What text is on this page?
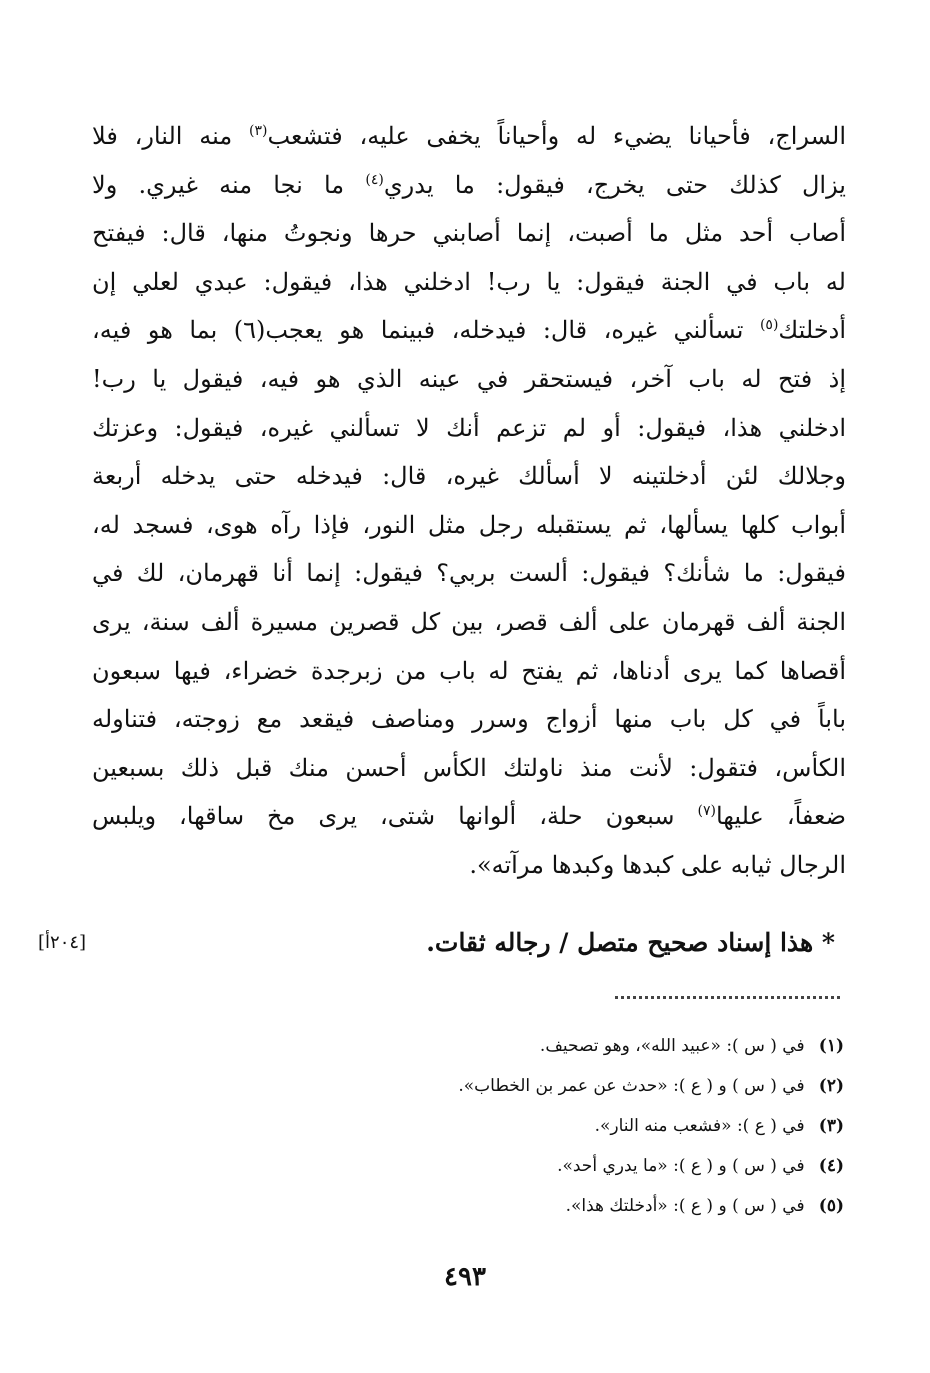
السراج، فأحيانا يضيء له وأحياناً يخفى عليه، فتشعب$^{(٣)}$ منه النار، فلا
يزال كذلك حتى يخرج، فيقول: ما يدري$^{(٤)}$ ما نجا منه غيري. ولا
أصاب أحد مثل ما أصبت، إنما أصابني حرها ونجوتُ منها، قال: فيفتح
له باب في الجنة فيقول: يا رب! ادخلني هذا، فيقول: عبدي لعلي إن
أدخلتك$^{(٥)}$ تسألني غيره، قال: فيدخله، فبينما هو يعجب(٦) بما هو فيه،
إذ فتح له باب آخر، فيستحقر في عينه الذي هو فيه، فيقول يا رب!
ادخلني هذا، فيقول: أو لم تزعم أنك لا تسألني غيره، فيقول: وعزتك
وجلالك لئن أدخلتينه لا أسألك غيره، قال: فيدخله حتى يدخله أربعة
أبواب كلها يسألها، ثم يستقبله رجل مثل النور، فإذا رآه هوى، فسجد له،
فيقول: ما شأنك؟ فيقول: ألست بربي؟ فيقول: إنما أنا قهرمان، لك في
الجنة ألف قهرمان على ألف قصر، بين كل قصرين مسيرة ألف سنة، يرى
أقصاها كما يرى أدناها، ثم يفتح له باب من زبرجدة خضراء، فيها سبعون
باباً في كل باب منها أزواج وسرر ومناصف فيقعد مع زوجته، فتناوله
الكأس، فتقول: لأنت منذ ناولتك الكأس أحسن منك قبل ذلك بسبعين
ضعفاً، عليها$^{(٧)}$ سبعون حلة، ألوانها شتى، يرى مخ ساقها، ويلبس
الرجال ثيابه على كبدها وكبدها مرآته».
* هذا إسناد صحيح متصل / رجاله ثقات.
[٢٠٤أ]
(١) في ( س ): «عبيد الله»، وهو تصحيف.
(٢) في ( س ) و ( ع ): «حدث عن عمر بن الخطاب».
(٣) في ( ع ): «فشعب منه النار».
(٤) في ( س ) و ( ع ): «ما يدري أحد».
(٥) في ( س ) و ( ع ): «أدخلتك هذا».
٤٩٣
